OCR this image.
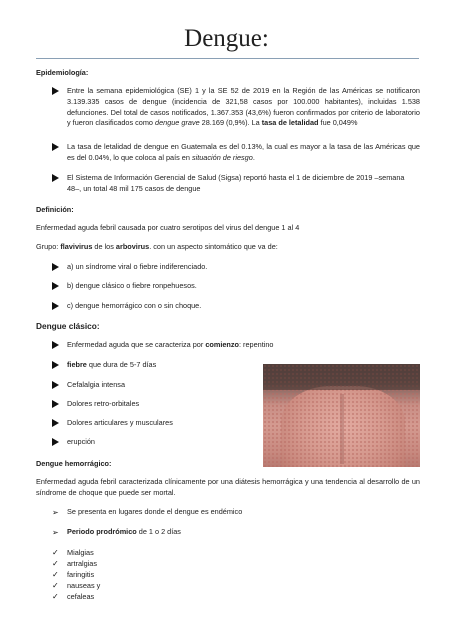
Dengue:
Epidemiología:
Entre la semana epidemiológica (SE) 1 y la SE 52 de 2019 en la Región de las Américas se notificaron 3.139.335 casos de dengue (incidencia de 321,58 casos por 100.000 habitantes), incluidas 1.538 defunciones. Del total de casos notificados, 1.367.353 (43,6%) fueron confirmados por criterio de laboratorio y fueron clasificados como dengue grave 28.169 (0,9%). La tasa de letalidad fue 0,049%
La tasa de letalidad de dengue en Guatemala es del 0.13%, la cual es mayor a la tasa de las Américas que es del 0.04%, lo que coloca al país en situación de riesgo.
El Sistema de Información Gerencial de Salud (Sigsa) reportó hasta el 1 de diciembre de 2019 –semana 48–, un total 48 mil 175 casos de dengue
Definición:
Enfermedad aguda febril causada por cuatro serotipos del virus del dengue 1 al 4
Grupo: flavivirus de los arbovirus. con un aspecto sintomático que va de:
a) un síndrome viral o fiebre indiferenciado.
b) dengue clásico o fiebre ronpehuesos.
c) dengue hemorrágico con o sin choque.
Dengue clásico:
Enfermedad aguda que se caracteriza por comienzo: repentino
fiebre que dura de 5-7 días
Cefalalgia intensa
Dolores retro-orbitales
Dolores articulares y musculares
erupción
Dengue hemorrágico:
Enfermedad aguda febril caracterizada clínicamente por una diátesis hemorrágica y una tendencia al desarrollo de un síndrome de choque que puede ser mortal.
➢	Se presenta en lugares donde el dengue es endémico
➢	Periodo prodrómico de 1 o 2 días
✓	Mialgias
✓	artralgias
✓	faringitis
✓	nauseas y
✓	cefaleas
